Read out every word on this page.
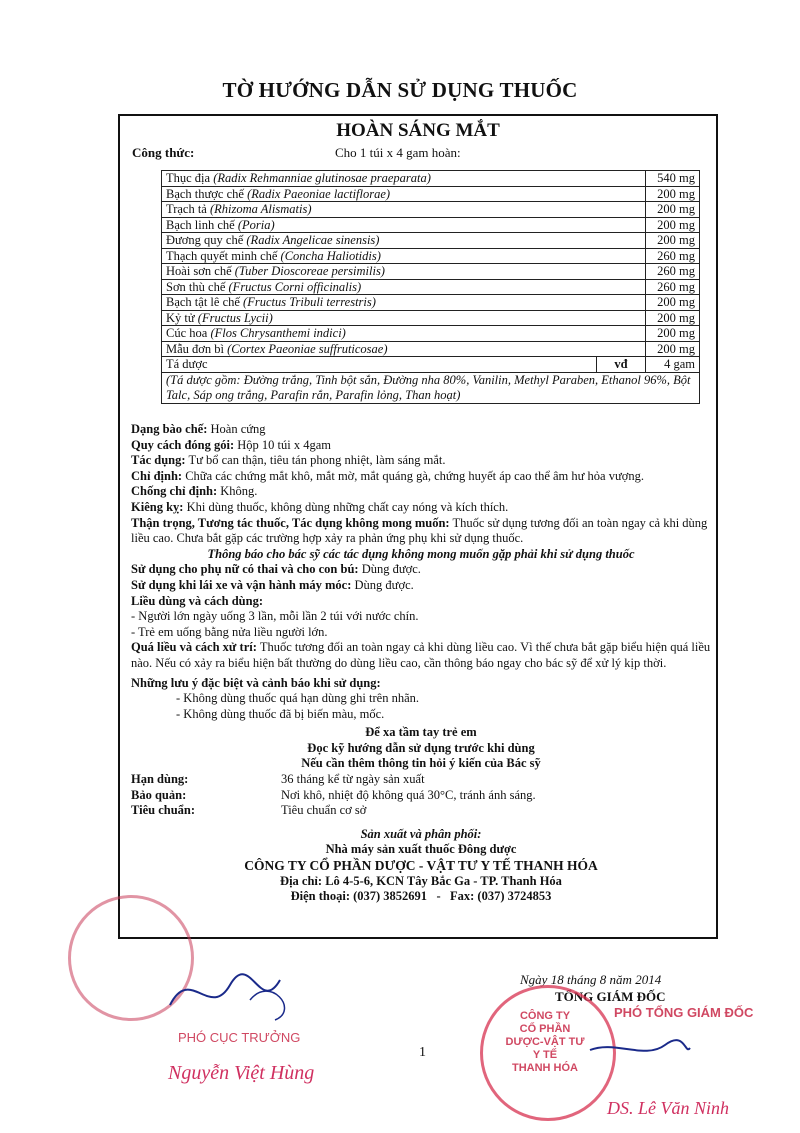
TỜ HƯỚNG DẪN SỬ DỤNG THUỐC
HOÀN SÁNG MẮT
Công thức:	Cho 1 túi x 4 gam hoàn:
Thục địa (Radix Rehmanniae glutinosae praeparata)		540 mg
Bạch thược chế (Radix Paeoniae lactiflorae)		200 mg
Trạch tả (Rhizoma Alismatis)		200 mg
Bạch linh chế (Poria)		200 mg
Đương quy chế (Radix Angelicae sinensis)		200 mg
Thạch quyết minh chế (Concha Haliotidis)		260 mg
Hoài sơn chế (Tuber Dioscoreae persimilis)		260 mg
Sơn thù chế (Fructus Corni officinalis)		260 mg
Bạch tật lê chế (Fructus Tribuli terrestris)		200 mg
Kỷ tử (Fructus Lycii)		200 mg
Cúc hoa (Flos Chrysanthemi indici)		200 mg
Mẫu đơn bì (Cortex Paeoniae suffruticosae)		200 mg
Tá dược	vđ	4 gam
(Tá dược gồm: Đường trắng, Tinh bột sắn, Đường nha 80%, Vanilin, Methyl Paraben, Ethanol 96%, Bột Talc, Sáp ong trắng, Parafin rắn, Parafin lỏng, Than hoạt)		

Dạng bào chế: Hoàn cứng

Quy cách đóng gói: Hộp 10 túi x 4gam

Tác dụng: Tư bổ can thận, tiêu tán phong nhiệt, làm sáng mắt.

Chỉ định: Chữa các chứng mắt khô, mắt mờ, mắt quáng gà, chứng huyết áp cao thể âm hư hỏa vượng.

Chống chỉ định: Không.

Kiêng kỵ: Khi dùng thuốc, không dùng những chất cay nóng và kích thích.

Thận trọng, Tương tác thuốc, Tác dụng không mong muốn: Thuốc sử dụng tương đối an toàn ngay cả khi dùng liều cao. Chưa bắt gặp các trường hợp xảy ra phản ứng phụ khi sử dụng thuốc.

Thông báo cho bác sỹ các tác dụng không mong muốn gặp phải khi sử dụng thuốc

Sử dụng cho phụ nữ có thai và cho con bú: Dùng được.

Sử dụng khi lái xe và vận hành máy móc: Dùng được.

Liều dùng và cách dùng:

- Người lớn ngày uống 3 lần, mỗi lần 2 túi với nước chín.

- Trẻ em uống bằng nửa liều người lớn.

Quá liều và cách xử trí: Thuốc tương đối an toàn ngay cả khi dùng liều cao. Vì thế chưa bắt gặp biểu hiện quá liều nào. Nếu có xảy ra biểu hiện bất thường do dùng liều cao, cần thông báo ngay cho bác sỹ để xử lý kịp thời.

Những lưu ý đặc biệt và cảnh báo khi sử dụng:

- Không dùng thuốc quá hạn dùng ghi trên nhãn.

- Không dùng thuốc đã bị biến màu, mốc.

Để xa tầm tay trẻ em

Đọc kỹ hướng dẫn sử dụng trước khi dùng

Nếu cần thêm thông tin hỏi ý kiến của Bác sỹ

Hạn dùng:	36 tháng kể từ ngày sản xuất
Bảo quản:	Nơi khô, nhiệt độ không quá 30°C, tránh ánh sáng.
Tiêu chuẩn:	Tiêu chuẩn cơ sở

Sản xuất và phân phối:

Nhà máy sản xuất thuốc Đông dược

CÔNG TY CỔ PHẦN DƯỢC - VẬT TƯ Y TẾ THANH HÓA

Địa chỉ: Lô 4-5-6, KCN Tây Bắc Ga - TP. Thanh Hóa

Điện thoại: (037) 3852691 - Fax: (037) 3724853

PHÓ CỤC TRƯỞNG
Nguyễn Việt Hùng
1
Ngày 18 tháng 8 năm 2014
TỔNG GIÁM ĐỐC
CÔNG TY
CỔ PHẦN
DƯỢC-VẬT TƯ
Y TẾ
THANH HÓA
PHÓ TỔNG GIÁM ĐỐC
DS. Lê Văn Ninh
